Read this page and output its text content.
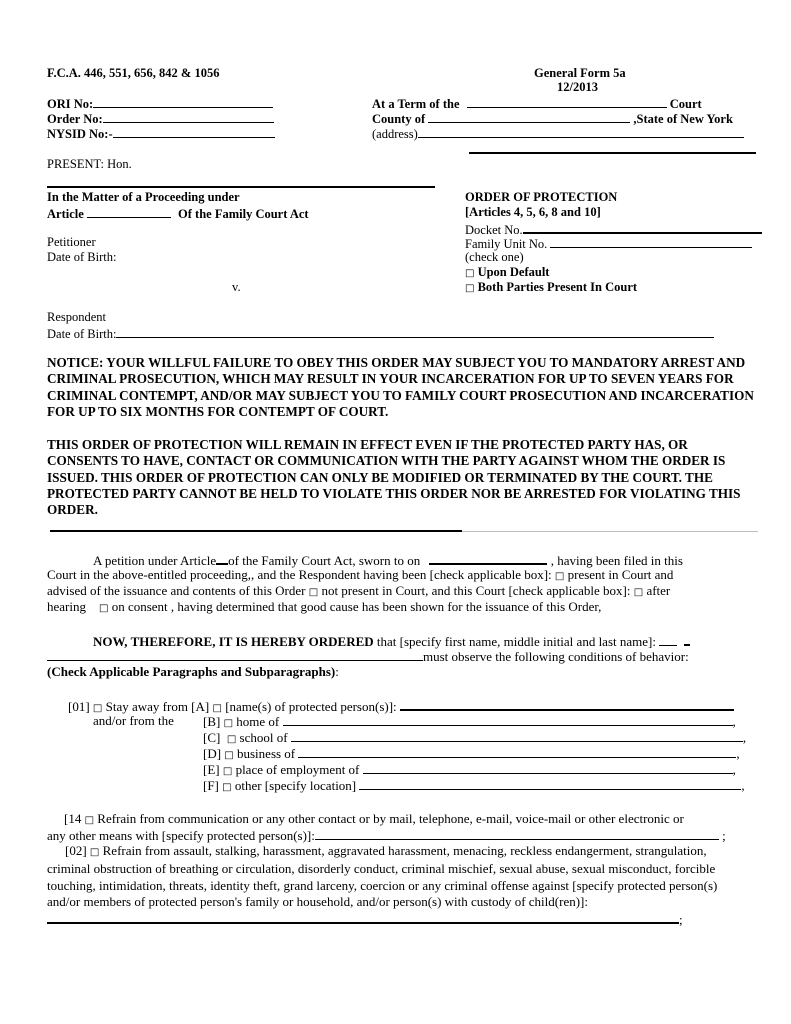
F.C.A. 446, 551, 656, 842 & 1056	General Form 5a
12/2013
ORI No:
Order No:
NYSID No:-
At a Term of the	Court
County of	,State of New York
(address)
PRESENT: Hon.
In the Matter of a Proceeding under
Article	Of the Family Court Act
Petitioner
Date of Birth:
v.
Respondent
Date of Birth:
ORDER OF PROTECTION
[Articles 4, 5, 6, 8 and 10]
Docket No.
Family Unit No.
(check one)
□ Upon Default
□ Both Parties Present In Court
NOTICE: YOUR WILLFUL FAILURE TO OBEY THIS ORDER MAY SUBJECT YOU TO MANDATORY ARREST AND CRIMINAL PROSECUTION, WHICH MAY RESULT IN YOUR INCARCERATION FOR UP TO SEVEN YEARS FOR CRIMINAL CONTEMPT, AND/OR MAY SUBJECT YOU TO FAMILY COURT PROSECUTION AND INCARCERATION FOR UP TO SIX MONTHS FOR CONTEMPT OF COURT.
THIS ORDER OF PROTECTION WILL REMAIN IN EFFECT EVEN IF THE PROTECTED PARTY HAS, OR CONSENTS TO HAVE, CONTACT OR COMMUNICATION WITH THE PARTY AGAINST WHOM THE ORDER IS ISSUED. THIS ORDER OF PROTECTION CAN ONLY BE MODIFIED OR TERMINATED BY THE COURT. THE PROTECTED PARTY CANNOT BE HELD TO VIOLATE THIS ORDER NOR BE ARRESTED FOR VIOLATING THIS ORDER.
A petition under Article of the Family Court Act, sworn to on	, having been filed in this
Court in the above-entitled proceeding,, and the Respondent having been [check applicable box]: □ present in Court and
advised of the issuance and contents of this Order □ not present in Court, and this Court [check applicable box]: □ after
hearing □ on consent , having determined that good cause has been shown for the issuance of this Order,
NOW, THEREFORE, IT IS HEREBY ORDERED that [specify first name, middle initial and last name]:
must observe the following conditions of behavior:
(Check Applicable Paragraphs and Subparagraphs):
[01] □ Stay away from [A] □ [name(s) of protected person(s)]:
and/or from the [B] □ home of	,
[C] □ school of	,
[D] □ business of	,
[E] □ place of employment of	,
[F] □ other [specify location]	,
[14 □ Refrain from communication or any other contact or by mail, telephone, e-mail, voice-mail or other electronic or
any other means with [specify protected person(s)]:	;
[02] □ Refrain from assault, stalking, harassment, aggravated harassment, menacing, reckless endangerment, strangulation, criminal obstruction of breathing or circulation, disorderly conduct, criminal mischief, sexual abuse, sexual misconduct, forcible touching, intimidation, threats, identity theft, grand larceny, coercion or any criminal offense against [specify protected person(s) and/or members of protected person's family or household, and/or person(s) with custody of child(ren)]:;
